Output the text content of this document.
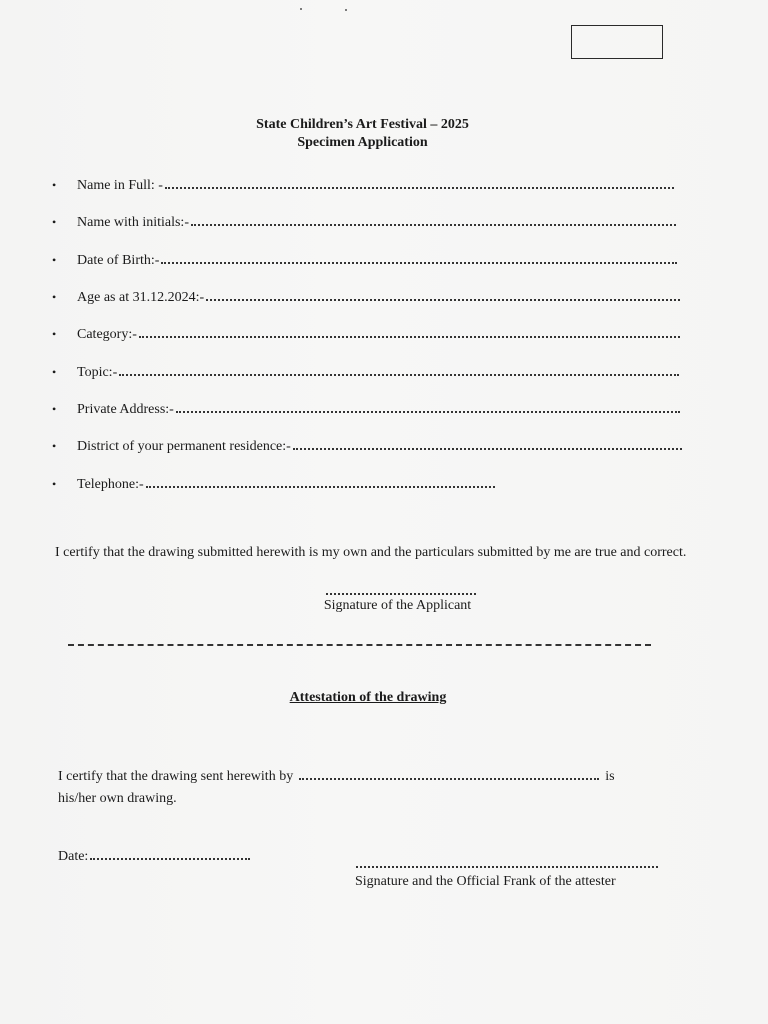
State Children’s Art Festival – 2025
Specimen Application
•	Name in Full: -
•	Name with initials:-
•	Date of Birth:-
•	Age as at 31.12.2024:-
•	Category:-
•	Topic:-
•	Private Address:-
•	District of your permanent residence:-
•	Telephone:-
I certify that the drawing submitted herewith is my own and the particulars submitted by me are true and correct.
Signature of the Applicant
Attestation of the drawing
I certify that the drawing sent herewith by	is
his/her own drawing.
Date:
Signature and the Official Frank of the attester
